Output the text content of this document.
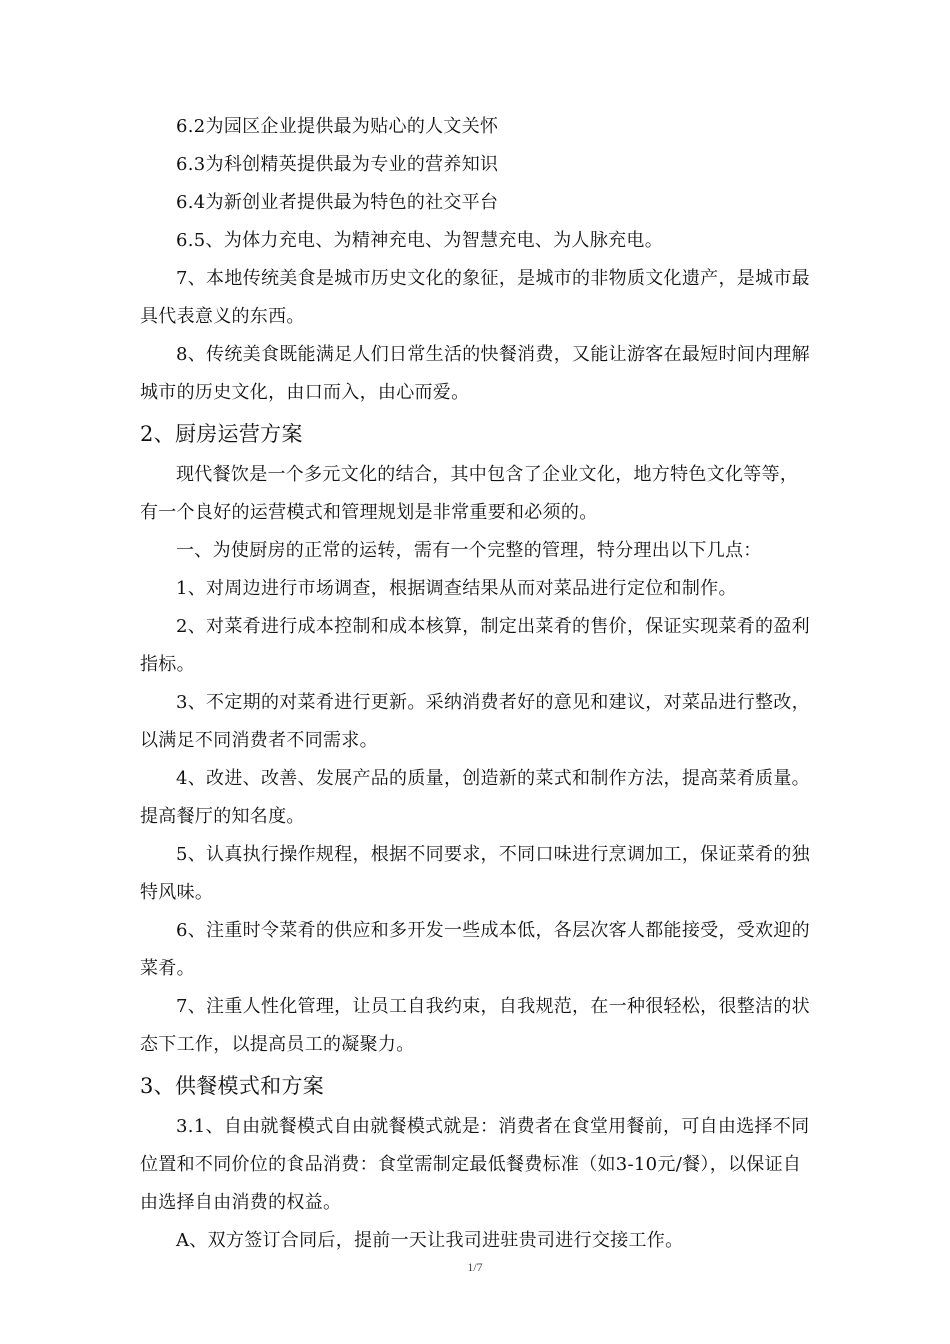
6.2为园区企业提供最为贴心的人文关怀

6.3为科创精英提供最为专业的营养知识

6.4为新创业者提供最为特色的社交平台

6.5、为体力充电、为精神充电、为智慧充电、为人脉充电。

7、本地传统美食是城市历史文化的象征，是城市的非物质文化遗产，是城市最具代表意义的东西。

8、传统美食既能满足人们日常生活的快餐消费，又能让游客在最短时间内理解城市的历史文化，由口而入，由心而爱。

2、厨房运营方案

现代餐饮是一个多元文化的结合，其中包含了企业文化，地方特色文化等等，有一个良好的运营模式和管理规划是非常重要和必须的。

一、为使厨房的正常的运转，需有一个完整的管理，特分理出以下几点：

1、对周边进行市场调查，根据调查结果从而对菜品进行定位和制作。

2、对菜肴进行成本控制和成本核算，制定出菜肴的售价，保证实现菜肴的盈利指标。

3、不定期的对菜肴进行更新。采纳消费者好的意见和建议，对菜品进行整改，以满足不同消费者不同需求。

4、改进、改善、发展产品的质量，创造新的菜式和制作方法，提高菜肴质量。提高餐厅的知名度。

5、认真执行操作规程，根据不同要求，不同口味进行烹调加工，保证菜肴的独特风味。

6、注重时令菜肴的供应和多开发一些成本低，各层次客人都能接受，受欢迎的菜肴。

7、注重人性化管理，让员工自我约束，自我规范，在一种很轻松，很整洁的状态下工作，以提高员工的凝聚力。

3、供餐模式和方案

3.1、自由就餐模式自由就餐模式就是：消费者在食堂用餐前，可自由选择不同位置和不同价位的食品消费：食堂需制定最低餐费标准（如3-10元/餐），以保证自由选择自由消费的权益。

A、双方签订合同后，提前一天让我司进驻贵司进行交接工作。

1/7
